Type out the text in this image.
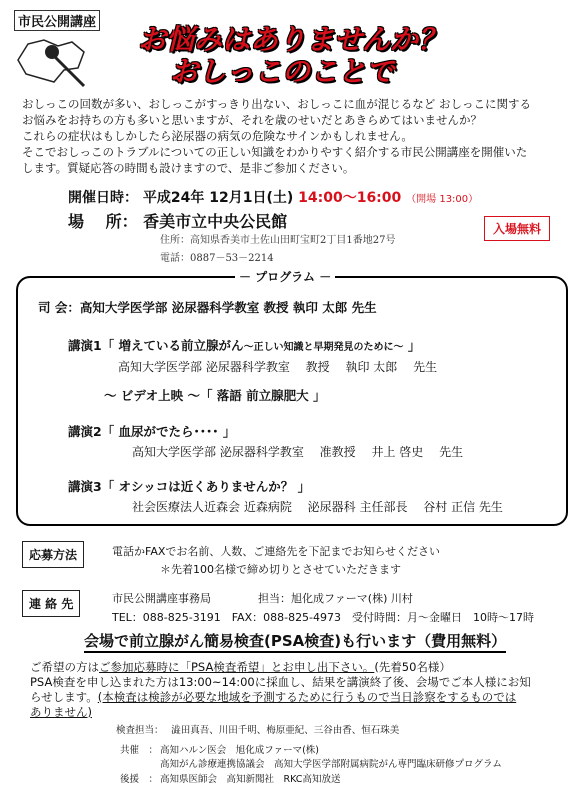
市民公開講座
お悩みはありませんか？
おしっこのことで

おしっこの回数が多い、おしっこがすっきり出ない、おしっこに血が混じるなど おしっこに関する

お悩みをお持ちの方も多いと思いますが、それを歳のせいだとあきらめてはいませんか？

これらの症状はもしかしたら泌尿器の病気の危険なサインかもしれません。

そこでおしっこのトラブルについての正しい知識をわかりやすく紹介する市民公開講座を開催いた

します。質疑応答の時間も設けますので、是非ご参加ください。

開催日時： 平成24年 12月1日(土) 14:00～16:00 （開場 13:00）
場　 所： 香美市立中央公民館
住所：高知県香美市土佐山田町宝町2丁目1番地27号
電話：0887－53－2214
入場無料
－ プログラム －
司 会：高知大学医学部 泌尿器科学教室 教授 執印 太郎 先生
講演1「 増えている前立腺がん～正しい知識と早期発見のために～ 」
高知大学医学部 泌尿器科学教室　 教授　 執印 太郎　 先生
～ ビデオ上映 ～「 落語 前立腺肥大 」
講演2「 血尿がでたら････ 」
高知大学医学部 泌尿器科学教室　 准教授　 井上 啓史　 先生
講演3「 オシッコは近くありませんか？ 」
社会医療法人近森会 近森病院　 泌尿器科 主任部長　 谷村 正信 先生
応募方法	電話かFAXでお名前、人数、ご連絡先を下記までお知らせください
＊先着100名様で締め切りとさせていただきます
連 絡 先	市民公開講座事務局	担当：旭化成ファーマ(株) 川村
TEL：088-825-3191　FAX：088-825-4973　受付時間：月～金曜日　10時～17時
会場で前立腺がん簡易検査(PSA検査)も行います（費用無料）

ご希望の方はご参加応募時に「PSA検査希望」とお申し出下さい。(先着50名様）

PSA検査を申し込まれた方は13:00~14:00に採血し、結果を講演終了後、会場でご本人様にお知

らせします。(本検査は検診が必要な地域を予測するために行うもので当日診察をするものでは

ありません)

検査担当：　 澁田真吾、川田千明、梅原亜紀、三谷由香、恒石珠美
共催　： 高知ハルン医会　旭化成ファーマ(株)
高知がん診療連携協議会　高知大学医学部附属病院がん専門臨床研修プログラム
後援　： 高知県医師会　高知新聞社　RKC高知放送
